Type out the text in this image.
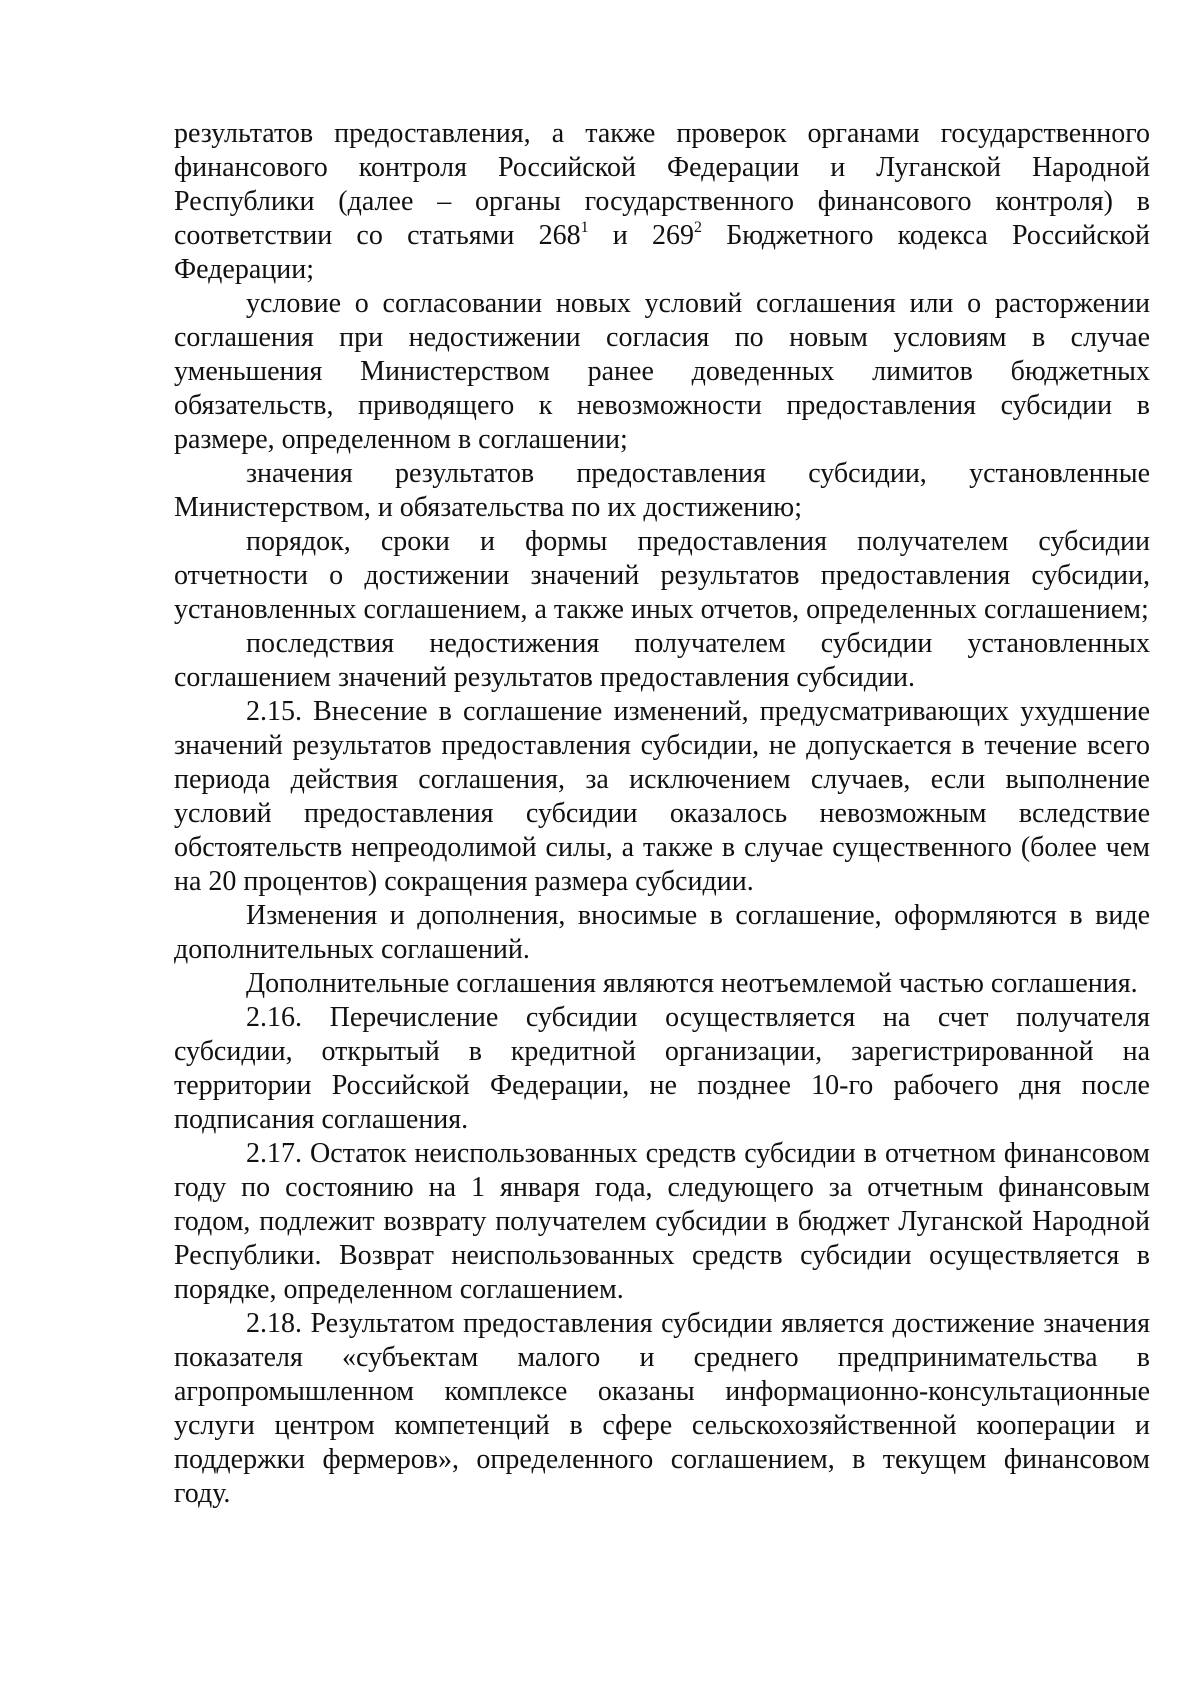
результатов предоставления, а также проверок органами государственного финансового контроля Российской Федерации и Луганской Народной Республики (далее – органы государственного финансового контроля) в соответствии со статьями $268^1$ и $269^2$ Бюджетного кодекса Российской Федерации;

условие о согласовании новых условий соглашения или о расторжении соглашения при недостижении согласия по новым условиям в случае уменьшения Министерством ранее доведенных лимитов бюджетных обязательств, приводящего к невозможности предоставления субсидии в размере, определенном в соглашении;

значения результатов предоставления субсидии, установленные Министерством, и обязательства по их достижению;

порядок, сроки и формы предоставления получателем субсидии отчетности о достижении значений результатов предоставления субсидии, установленных соглашением, а также иных отчетов, определенных соглашением;

последствия недостижения получателем субсидии установленных соглашением значений результатов предоставления субсидии.

2.15. Внесение в соглашение изменений, предусматривающих ухудшение значений результатов предоставления субсидии, не допускается в течение всего периода действия соглашения, за исключением случаев, если выполнение условий предоставления субсидии оказалось невозможным вследствие обстоятельств непреодолимой силы, а также в случае существенного (более чем на 20 процентов) сокращения размера субсидии.

Изменения и дополнения, вносимые в соглашение, оформляются в виде дополнительных соглашений.

Дополнительные соглашения являются неотъемлемой частью соглашения.

2.16. Перечисление субсидии осуществляется на счет получателя субсидии, открытый в кредитной организации, зарегистрированной на территории Российской Федерации, не позднее 10-го рабочего дня после подписания соглашения.

2.17. Остаток неиспользованных средств субсидии в отчетном финансовом году по состоянию на 1 января года, следующего за отчетным финансовым годом, подлежит возврату получателем субсидии в бюджет Луганской Народной Республики. Возврат неиспользованных средств субсидии осуществляется в порядке, определенном соглашением.

2.18. Результатом предоставления субсидии является достижение значения показателя «субъектам малого и среднего предпринимательства в агропромышленном комплексе оказаны информационно-консультационные услуги центром компетенций в сфере сельскохозяйственной кооперации и поддержки фермеров», определенного соглашением, в текущем финансовом году.
